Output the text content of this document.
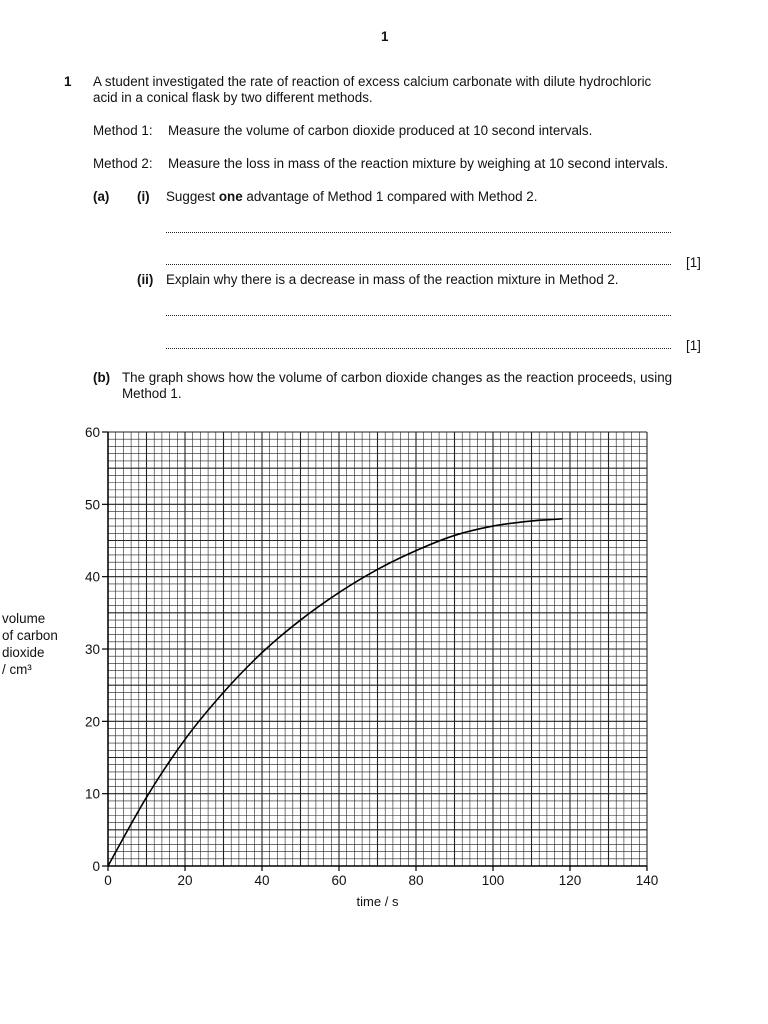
1
1 A student investigated the rate of reaction of excess calcium carbonate with dilute hydrochloric
acid in a conical flask by two different methods.
Method 1: Measure the volume of carbon dioxide produced at 10 second intervals.
Method 2: Measure the loss in mass of the reaction mixture by weighing at 10 second intervals.
(a) (i) Suggest one advantage of Method 1 compared with Method 2.
[1]
(ii) Explain why there is a decrease in mass of the reaction mixture in Method 2.
[1]
(b) The graph shows how the volume of carbon dioxide changes as the reaction proceeds, using
Method 1.
0	20	40	60	80	100	120	140
0
10
20
30
40
50
60
time / s
volume
of carbon
dioxide
/ cm³
